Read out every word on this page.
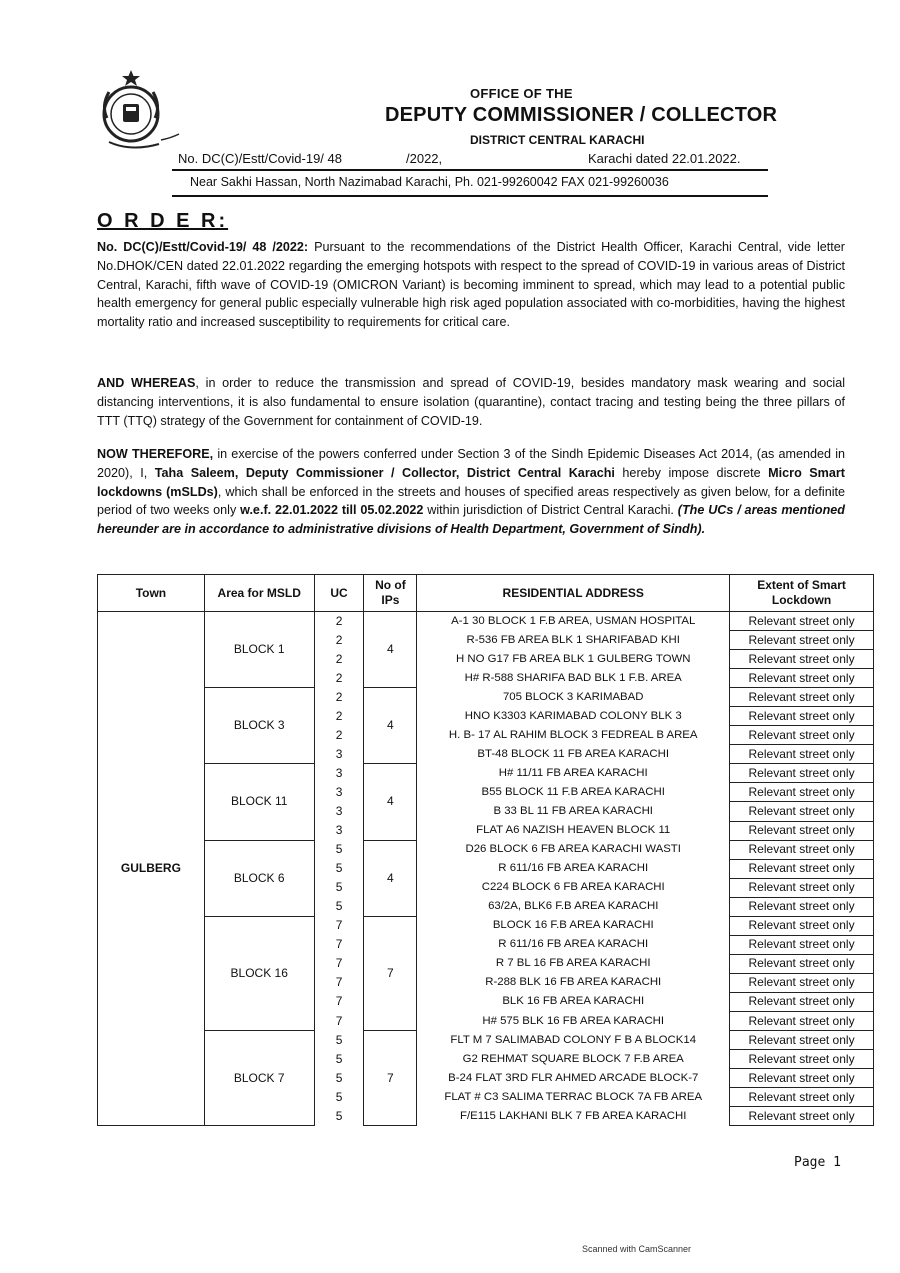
OFFICE OF THE
DEPUTY COMMISSIONER / COLLECTOR
DISTRICT CENTRAL KARACHI
No. DC(C)/Estt/Covid-19/ 48	/2022,	Karachi dated 22.01.2022.
Near Sakhi Hassan, North Nazimabad Karachi, Ph. 021-99260042 FAX 021-99260036
O R D E R:
No. DC(C)/Estt/Covid-19/ 48 /2022: Pursuant to the recommendations of the District Health Officer, Karachi Central, vide letter No.DHOK/CEN dated 22.01.2022 regarding the emerging hotspots with respect to the spread of COVID-19 in various areas of District Central, Karachi, fifth wave of COVID-19 (OMICRON Variant) is becoming imminent to spread, which may lead to a potential public health emergency for general public especially vulnerable high risk aged population associated with co-morbidities, having the highest mortality ratio and increased susceptibility to requirements for critical care.
AND WHEREAS, in order to reduce the transmission and spread of COVID-19, besides mandatory mask wearing and social distancing interventions, it is also fundamental to ensure isolation (quarantine), contact tracing and testing being the three pillars of TTT (TTQ) strategy of the Government for containment of COVID-19.
NOW THEREFORE, in exercise of the powers conferred under Section 3 of the Sindh Epidemic Diseases Act 2014, (as amended in 2020), I, Taha Saleem, Deputy Commissioner / Collector, District Central Karachi hereby impose discrete Micro Smart lockdowns (mSLDs), which shall be enforced in the streets and houses of specified areas respectively as given below, for a definite period of two weeks only w.e.f. 22.01.2022 till 05.02.2022 within jurisdiction of District Central Karachi. (The UCs / areas mentioned hereunder are in accordance to administrative divisions of Health Department, Government of Sindh).
Town	Area for MSLD	UC	No of IPs	RESIDENTIAL ADDRESS	Extent of Smart Lockdown
GULBERG	BLOCK 1	2	4	A-1 30 BLOCK 1 F.B AREA, USMAN HOSPITAL	Relevant street only
		2		R-536 FB AREA BLK 1 SHARIFABAD KHI	Relevant street only
		2		H NO G17 FB AREA BLK 1 GULBERG TOWN	Relevant street only
		2		H# R-588 SHARIFA BAD BLK 1 F.B. AREA	Relevant street only
	BLOCK 3	2	4	705 BLOCK 3 KARIMABAD	Relevant street only
		2		HNO K3303 KARIMABAD COLONY BLK 3	Relevant street only
		2		H. B- 17 AL RAHIM BLOCK 3 FEDREAL B AREA	Relevant street only
		3		BT-48 BLOCK 11 FB AREA KARACHI	Relevant street only
	BLOCK 11	3	4	H# 11/11 FB AREA KARACHI	Relevant street only
		3		B55 BLOCK 11 F.B AREA KARACHI	Relevant street only
		3		B 33 BL 11 FB AREA KARACHI	Relevant street only
		3		FLAT A6 NAZISH HEAVEN BLOCK 11	Relevant street only
	BLOCK 6	5	4	D26 BLOCK 6 FB AREA KARACHI WASTI	Relevant street only
		5		R 611/16 FB AREA KARACHI	Relevant street only
		5		C224 BLOCK 6 FB AREA KARACHI	Relevant street only
		5		63/2A, BLK6 F.B AREA KARACHI	Relevant street only
	BLOCK 16	7	7	BLOCK 16 F.B AREA KARACHI	Relevant street only
		7		R 611/16 FB AREA KARACHI	Relevant street only
		7		R 7 BL 16 FB AREA KARACHI	Relevant street only
		7		R-288 BLK 16 FB AREA KARACHI	Relevant street only
		7		BLK 16 FB AREA KARACHI	Relevant street only
		7		H# 575 BLK 16 FB AREA KARACHI	Relevant street only
	BLOCK 7	5	7	FLT M 7 SALIMABAD COLONY F B A BLOCK14	Relevant street only
		5		G2 REHMAT SQUARE BLOCK 7 F.B AREA	Relevant street only
		5		B-24 FLAT 3RD FLR AHMED ARCADE BLOCK-7	Relevant street only
		5		FLAT # C3 SALIMA TERRAC BLOCK 7A FB AREA	Relevant street only
		5		F/E115 LAKHANI BLK 7 FB AREA KARACHI	Relevant street only
Page 1
Scanned with CamScanner
